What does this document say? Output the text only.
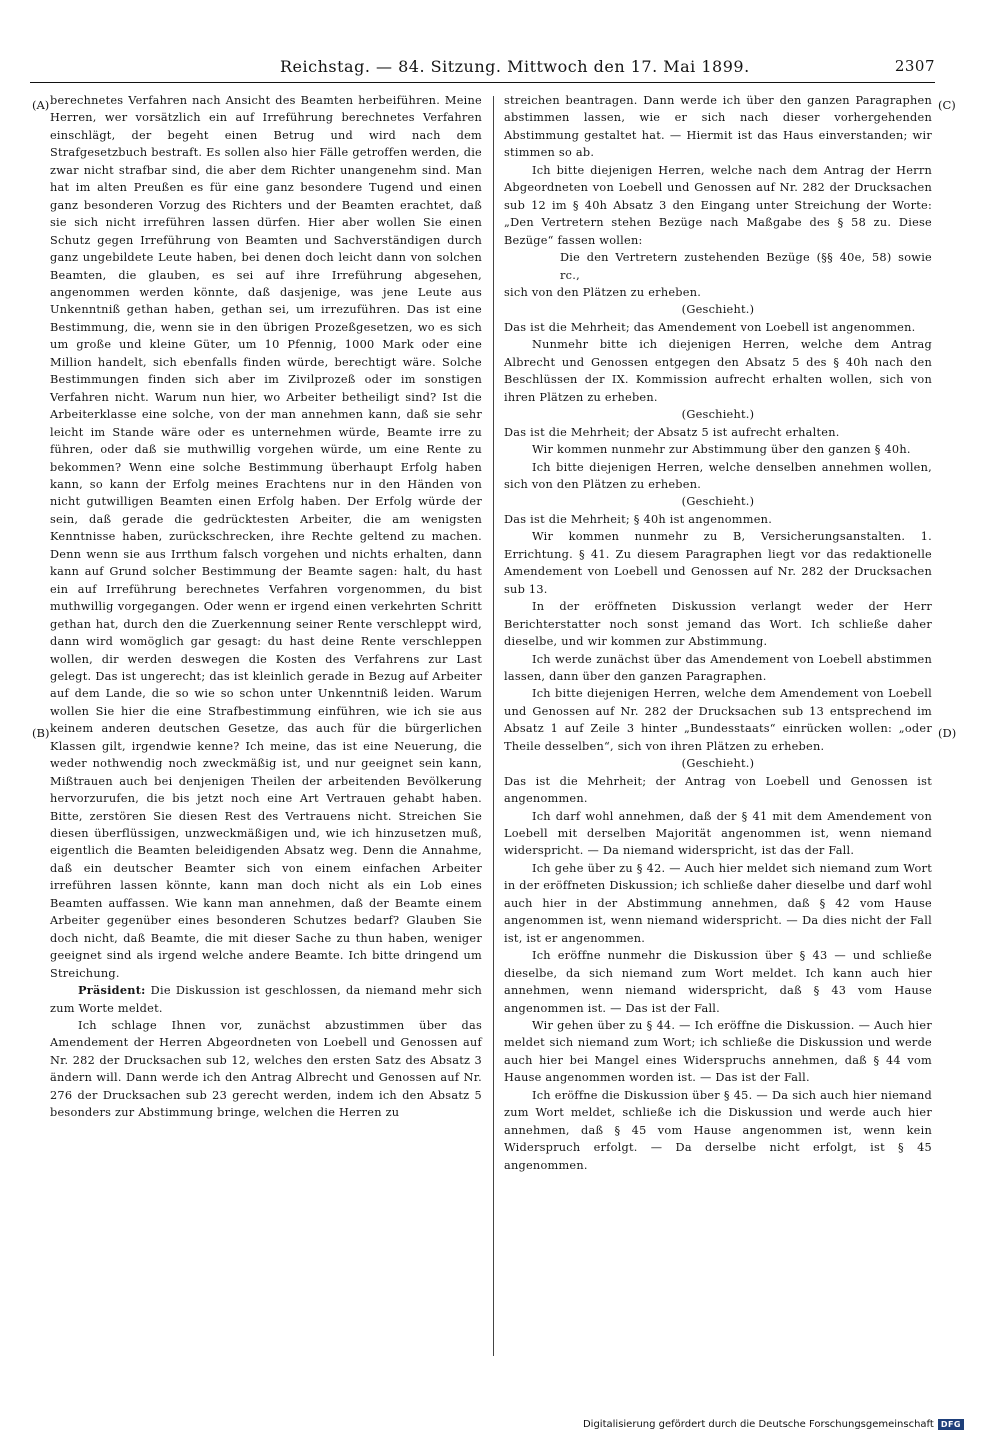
Reichstag. — 84. Sitzung. Mittwoch den 17. Mai 1899.	2307
(A)
(B)
(C)
(D)

berechnetes Verfahren nach Ansicht des Beamten herbeiführen. Meine Herren, wer vorsätzlich ein auf Irreführung berechnetes Verfahren einschlägt, der begeht einen Betrug und wird nach dem Strafgesetzbuch bestraft. Es sollen also hier Fälle getroffen werden, die zwar nicht strafbar sind, die aber dem Richter unangenehm sind. Man hat im alten Preußen es für eine ganz besondere Tugend und einen ganz besonderen Vorzug des Richters und der Beamten erachtet, daß sie sich nicht irreführen lassen dürfen. Hier aber wollen Sie einen Schutz gegen Irreführung von Beamten und Sachverständigen durch ganz ungebildete Leute haben, bei denen doch leicht dann von solchen Beamten, die glauben, es sei auf ihre Irreführung abgesehen, angenommen werden könnte, daß dasjenige, was jene Leute aus Unkenntniß gethan haben, gethan sei, um irrezuführen. Das ist eine Bestimmung, die, wenn sie in den übrigen Prozeßgesetzen, wo es sich um große und kleine Güter, um 10 Pfennig, 1000 Mark oder eine Million handelt, sich ebenfalls finden würde, berechtigt wäre. Solche Bestimmungen finden sich aber im Zivilprozeß oder im sonstigen Verfahren nicht. Warum nun hier, wo Arbeiter betheiligt sind? Ist die Arbeiterklasse eine solche, von der man annehmen kann, daß sie sehr leicht im Stande wäre oder es unternehmen würde, Beamte irre zu führen, oder daß sie muthwillig vorgehen würde, um eine Rente zu bekommen? Wenn eine solche Bestimmung überhaupt Erfolg haben kann, so kann der Erfolg meines Erachtens nur in den Händen von nicht gutwilligen Beamten einen Erfolg haben. Der Erfolg würde der sein, daß gerade die gedrücktesten Arbeiter, die am wenigsten Kenntnisse haben, zurückschrecken, ihre Rechte geltend zu machen. Denn wenn sie aus Irrthum falsch vorgehen und nichts erhalten, dann kann auf Grund solcher Bestimmung der Beamte sagen: halt, du hast ein auf Irreführung berechnetes Verfahren vorgenommen, du bist muthwillig vorgegangen. Oder wenn er irgend einen verkehrten Schritt gethan hat, durch den die Zuerkennung seiner Rente verschleppt wird, dann wird womöglich gar gesagt: du hast deine Rente verschleppen wollen, dir werden deswegen die Kosten des Verfahrens zur Last gelegt. Das ist ungerecht; das ist kleinlich gerade in Bezug auf Arbeiter auf dem Lande, die so wie so schon unter Unkenntniß leiden. Warum wollen Sie hier die eine Strafbestimmung einführen, wie ich sie aus keinem anderen deutschen Gesetze, das auch für die bürgerlichen Klassen gilt, irgendwie kenne? Ich meine, das ist eine Neuerung, die weder nothwendig noch zweckmäßig ist, und nur geeignet sein kann, Mißtrauen auch bei denjenigen Theilen der arbeitenden Bevölkerung hervorzurufen, die bis jetzt noch eine Art Vertrauen gehabt haben. Bitte, zerstören Sie diesen Rest des Vertrauens nicht. Streichen Sie diesen überflüssigen, unzweckmäßigen und, wie ich hinzusetzen muß, eigentlich die Beamten beleidigenden Absatz weg. Denn die Annahme, daß ein deutscher Beamter sich von einem einfachen Arbeiter irreführen lassen könnte, kann man doch nicht als ein Lob eines Beamten auffassen. Wie kann man annehmen, daß der Beamte einem Arbeiter gegenüber eines besonderen Schutzes bedarf? Glauben Sie doch nicht, daß Beamte, die mit dieser Sache zu thun haben, weniger geeignet sind als irgend welche andere Beamte. Ich bitte dringend um Streichung.

Präsident: Die Diskussion ist geschlossen, da niemand mehr sich zum Worte meldet.

Ich schlage Ihnen vor, zunächst abzustimmen über das Amendement der Herren Abgeordneten von Loebell und Genossen auf Nr. 282 der Drucksachen sub 12, welches den ersten Satz des Absatz 3 ändern will. Dann werde ich den Antrag Albrecht und Genossen auf Nr. 276 der Drucksachen sub 23 gerecht werden, indem ich den Absatz 5 besonders zur Abstimmung bringe, welchen die Herren zu

streichen beantragen. Dann werde ich über den ganzen Paragraphen abstimmen lassen, wie er sich nach dieser vorhergehenden Abstimmung gestaltet hat. — Hiermit ist das Haus einverstanden; wir stimmen so ab.

Ich bitte diejenigen Herren, welche nach dem Antrag der Herrn Abgeordneten von Loebell und Genossen auf Nr. 282 der Drucksachen sub 12 im § 40h Absatz 3 den Eingang unter Streichung der Worte: „Den Vertretern stehen Bezüge nach Maßgabe des § 58 zu. Diese Bezüge“ fassen wollen:

Die den Vertretern zustehenden Bezüge (§§ 40e, 58) sowie rc.,

sich von den Plätzen zu erheben.

(Geschieht.)

Das ist die Mehrheit; das Amendement von Loebell ist angenommen.

Nunmehr bitte ich diejenigen Herren, welche dem Antrag Albrecht und Genossen entgegen den Absatz 5 des § 40h nach den Beschlüssen der IX. Kommission aufrecht erhalten wollen, sich von ihren Plätzen zu erheben.

(Geschieht.)

Das ist die Mehrheit; der Absatz 5 ist aufrecht erhalten.

Wir kommen nunmehr zur Abstimmung über den ganzen § 40h.

Ich bitte diejenigen Herren, welche denselben annehmen wollen, sich von den Plätzen zu erheben.

(Geschieht.)

Das ist die Mehrheit; § 40h ist angenommen.

Wir kommen nunmehr zu B, Versicherungsanstalten. 1. Errichtung. § 41. Zu diesem Paragraphen liegt vor das redaktionelle Amendement von Loebell und Genossen auf Nr. 282 der Drucksachen sub 13.

In der eröffneten Diskussion verlangt weder der Herr Berichterstatter noch sonst jemand das Wort. Ich schließe daher dieselbe, und wir kommen zur Abstimmung.

Ich werde zunächst über das Amendement von Loebell abstimmen lassen, dann über den ganzen Paragraphen.

Ich bitte diejenigen Herren, welche dem Amendement von Loebell und Genossen auf Nr. 282 der Drucksachen sub 13 entsprechend im Absatz 1 auf Zeile 3 hinter „Bundesstaats“ einrücken wollen: „oder Theile desselben“, sich von ihren Plätzen zu erheben.

(Geschieht.)

Das ist die Mehrheit; der Antrag von Loebell und Genossen ist angenommen.

Ich darf wohl annehmen, daß der § 41 mit dem Amendement von Loebell mit derselben Majorität angenommen ist, wenn niemand widerspricht. — Da niemand widerspricht, ist das der Fall.

Ich gehe über zu § 42. — Auch hier meldet sich niemand zum Wort in der eröffneten Diskussion; ich schließe daher dieselbe und darf wohl auch hier in der Abstimmung annehmen, daß § 42 vom Hause angenommen ist, wenn niemand widerspricht. — Da dies nicht der Fall ist, ist er angenommen.

Ich eröffne nunmehr die Diskussion über § 43 — und schließe dieselbe, da sich niemand zum Wort meldet. Ich kann auch hier annehmen, wenn niemand widerspricht, daß § 43 vom Hause angenommen ist. — Das ist der Fall.

Wir gehen über zu § 44. — Ich eröffne die Diskussion. — Auch hier meldet sich niemand zum Wort; ich schließe die Diskussion und werde auch hier bei Mangel eines Widerspruchs annehmen, daß § 44 vom Hause angenommen worden ist. — Das ist der Fall.

Ich eröffne die Diskussion über § 45. — Da sich auch hier niemand zum Wort meldet, schließe ich die Diskussion und werde auch hier annehmen, daß § 45 vom Hause angenommen ist, wenn kein Widerspruch erfolgt. — Da derselbe nicht erfolgt, ist § 45 angenommen.

Digitalisierung gefördert durch die Deutsche Forschungsgemeinschaft DFG
